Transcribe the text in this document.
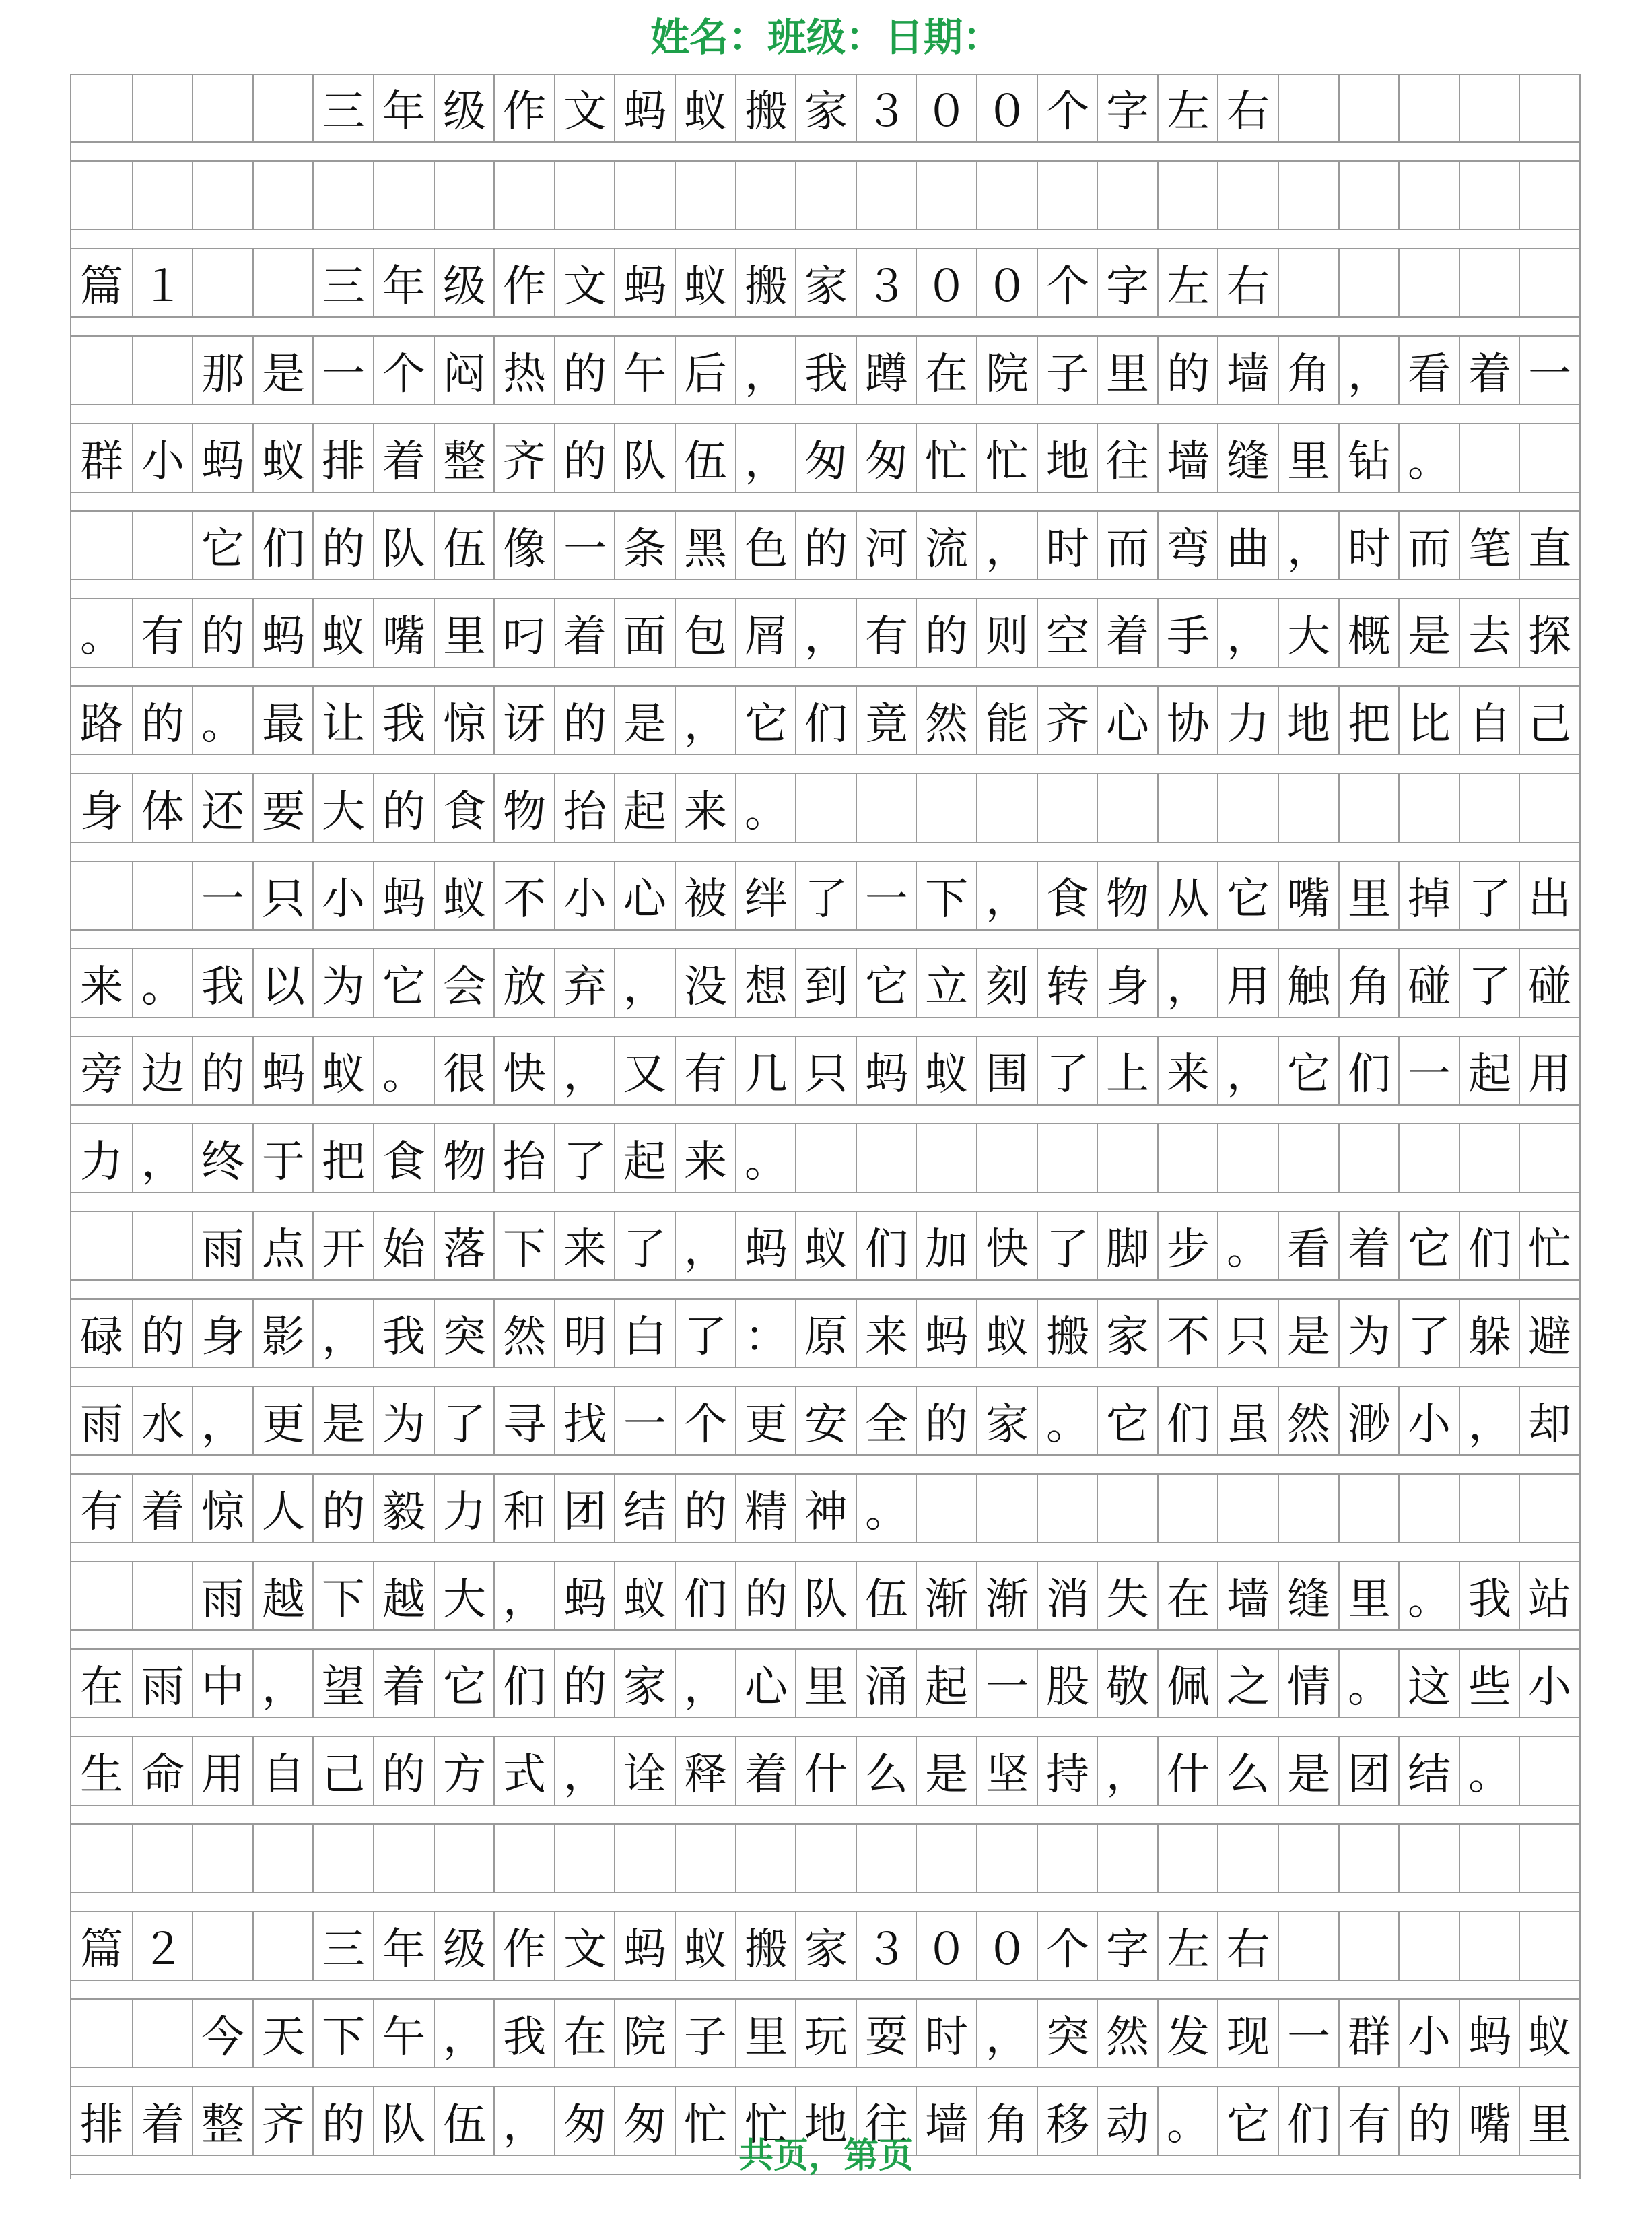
姓名：班级：日期：
三 年 级 作 文 蚂 蚁 搬 家 ３ ０ ０ 个 字 左 右
篇 １	三 年 级 作 文 蚂 蚁 搬 家 ３ ０ ０ 个 字 左 右
那 是 一 个 闷 热 的 午 后 ， 我 蹲 在 院 子 里 的 墙 角 ， 看 着 一
群 小 蚂 蚁 排 着 整 齐 的 队 伍 ， 匆 匆 忙 忙 地 往 墙 缝 里 钻 。
它 们 的 队 伍 像 一 条 黑 色 的 河 流 ， 时 而 弯 曲 ， 时 而 笔 直
。 有 的 蚂 蚁 嘴 里 叼 着 面 包 屑 ， 有 的 则 空 着 手 ， 大 概 是 去 探
路 的 。 最 让 我 惊 讶 的 是 ， 它 们 竟 然 能 齐 心 协 力 地 把 比 自 己
身 体 还 要 大 的 食 物 抬 起 来 。
一 只 小 蚂 蚁 不 小 心 被 绊 了 一 下 ， 食 物 从 它 嘴 里 掉 了 出
来 。 我 以 为 它 会 放 弃 ， 没 想 到 它 立 刻 转 身 ， 用 触 角 碰 了 碰
旁 边 的 蚂 蚁 。 很 快 ， 又 有 几 只 蚂 蚁 围 了 上 来 ， 它 们 一 起 用
力 ， 终 于 把 食 物 抬 了 起 来 。
雨 点 开 始 落 下 来 了 ， 蚂 蚁 们 加 快 了 脚 步 。 看 着 它 们 忙
碌 的 身 影 ， 我 突 然 明 白 了 ： 原 来 蚂 蚁 搬 家 不 只 是 为 了 躲 避
雨 水 ， 更 是 为 了 寻 找 一 个 更 安 全 的 家 。 它 们 虽 然 渺 小 ， 却
有 着 惊 人 的 毅 力 和 团 结 的 精 神 。
雨 越 下 越 大 ， 蚂 蚁 们 的 队 伍 渐 渐 消 失 在 墙 缝 里 。 我 站
在 雨 中 ， 望 着 它 们 的 家 ， 心 里 涌 起 一 股 敬 佩 之 情 。 这 些 小
生 命 用 自 己 的 方 式 ， 诠 释 着 什 么 是 坚 持 ， 什 么 是 团 结 。
篇 ２	三 年 级 作 文 蚂 蚁 搬 家 ３ ０ ０ 个 字 左 右
今 天 下 午 ， 我 在 院 子 里 玩 耍 时 ， 突 然 发 现 一 群 小 蚂 蚁
排 着 整 齐 的 队 伍 ， 匆 匆 忙 忙 地 往 墙 角 移 动 。 它 们 有 的 嘴 里
共页，第页
